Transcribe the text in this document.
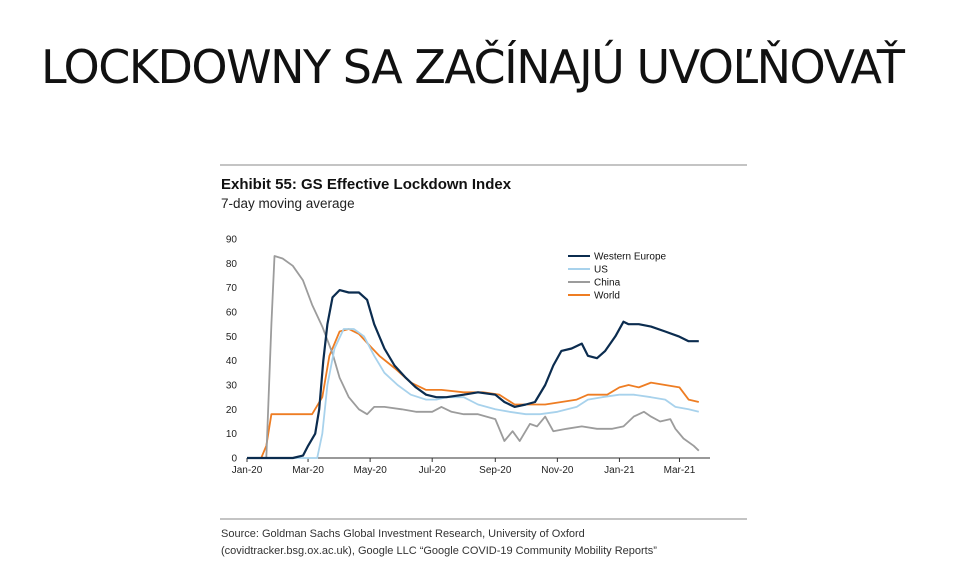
LOCKDOWNY SA ZAČÍNAJÚ UVOĽŇOVAŤ
Exhibit 55: GS Effective Lockdown Index
7-day moving average
0
10
20
30
40
50
60
70
80
90
Jan-20	Mar-20	May-20	Jul-20	Sep-20	Nov-20	Jan-21	Mar-21
Western Europe
US
China
World
Source: Goldman Sachs Global Investment Research, University of Oxford
(covidtracker.bsg.ox.ac.uk), Google LLC “Google COVID-19 Community Mobility Reports”
